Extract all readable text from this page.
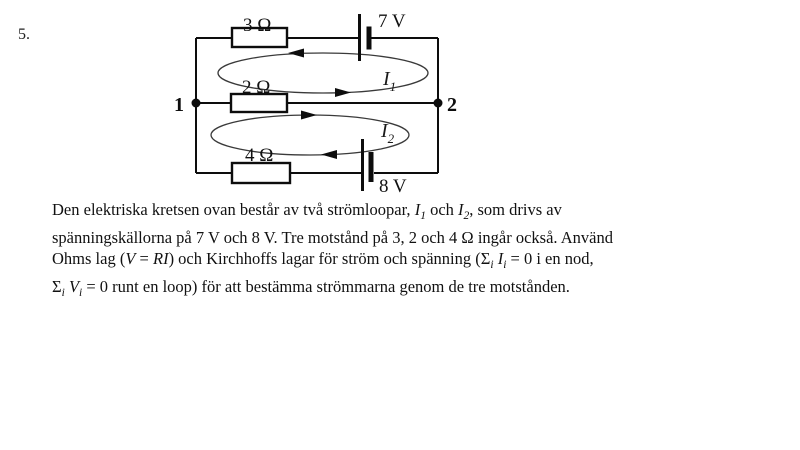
5.	3 Ω
2 Ω
4 Ω
7 V
8 V
1	2
$I_1$
$I_2$
Den elektriska kretsen ovan består av två strömloopar, $I_1$ och $I_2$, som drivs av
spänningskällorna på 7 V och 8 V. Tre motstånd på 3, 2 och 4 Ω ingår också. Använd
Ohms lag (V = RI) och Kirchhoffs lagar för ström och spänning ($\Sigma_i$ $I_i = 0$ i en nod,
$\Sigma_i$ $V_i = 0$ runt en loop) för att bestämma strömmarna genom de tre motstånden.
